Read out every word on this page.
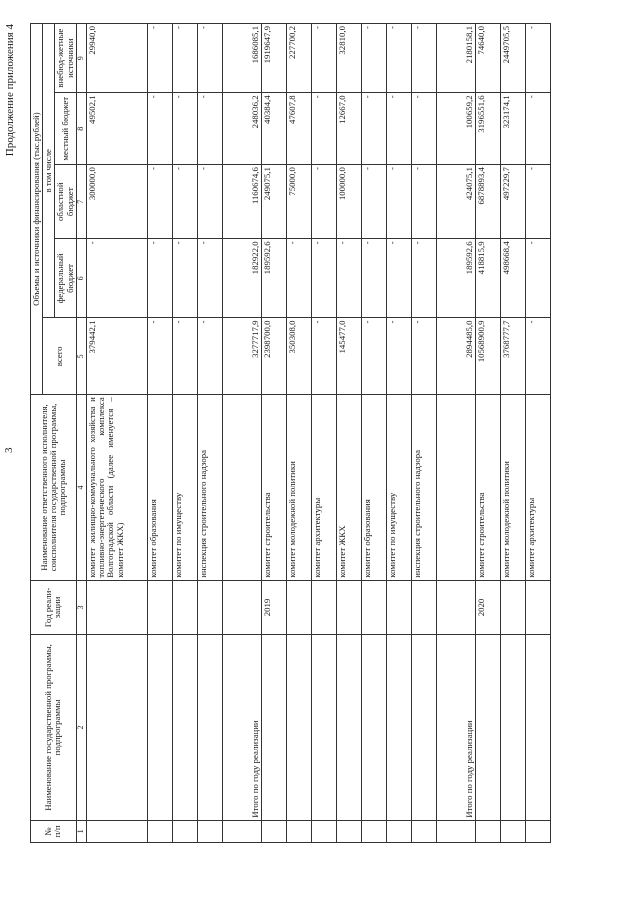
3
Продолжение приложения 4
№ п/п	Наименование государственной программы, подпрограммы	Год реали-зации	Наименование ответственного исполнителя, соисполнителя государственной программы, подпрограммы	Объемы и источники финансирования (тыс.рублей)				
				всего	в том числе			
					федеральный бюджет	областной бюджет	местный бюджет	внебюд-жетные источники
1	2	3	4	5	6	7	8	9
			комитет жилищно-коммунального хозяйства и топливно-энергетического комплекса Волгоградской области (далее именуется – комитет ЖКХ)	379442,1	-	300000,0	49502,1	29940,0
			комитет образования	-	-	-	-	-
			комитет по имуществу	-	-	-	-	-
			инспекция строительного надзора	-	-	-	-	-
	Итого по году реализации			3277717,9	182922,0	1160674,6	248036,2	1686085,1
		2019	комитет строительства	2398700,0	189592,6	249075,1	40384,4	1919647,9
			комитет молодежной политики	350308,0	-	75000,0	47607,8	227700,2
			комитет архитектуры	-	-	-	-	-
			комитет ЖКХ	145477,0	-	100000,0	12667,0	32810,0
			комитет образования	-	-	-	-	-
			комитет по имуществу	-	-	-	-	-
			инспекция строительного надзора	-	-	-	-	-
	Итого по году реализации			2894485,0	189592,6	424075,1	100659,2	2180158,1
		2020	комитет строительства	10568900,9	418815,9	6878893,4	3196551,6	74640,0
			комитет молодежной политики	3768777,7	498668,4	497229,7	323174,1	2449705,5
			комитет архитектуры	-	-	-	-	-
